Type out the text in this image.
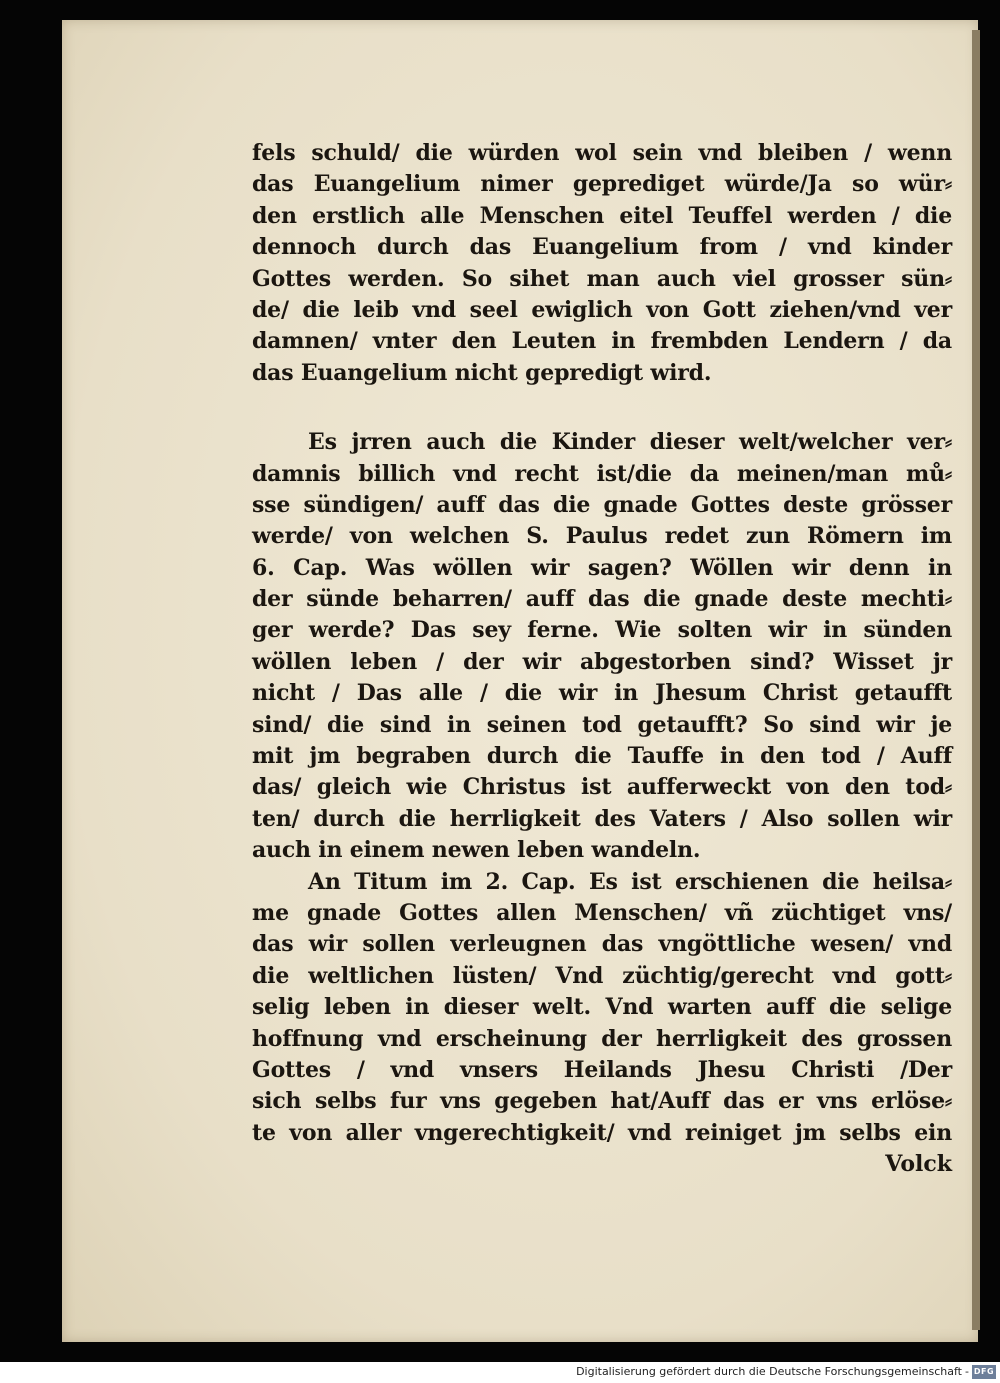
fels schuld/ die würden wol sein vnd bleiben / wenn
das Euangelium nimer geprediget würde/Ja so wür⸗
den erstlich alle Menschen eitel Teuffel werden / die
dennoch durch das Euangelium from / vnd kinder
Gottes werden. So sihet man auch viel grosser sün⸗
de/ die leib vnd seel ewiglich von Gott ziehen/vnd ver
damnen/ vnter den Leuten in frembden Lendern / da
das Euangelium nicht gepredigt wird.
Es jrren auch die Kinder dieser welt/welcher ver⸗
damnis billich vnd recht ist/die da meinen/man mů⸗
sse sündigen/ auff das die gnade Gottes deste grösser
werde/ von welchen S. Paulus redet zun Römern im
6. Cap. Was wöllen wir sagen? Wöllen wir denn in
der sünde beharren/ auff das die gnade deste mechti⸗
ger werde? Das sey ferne. Wie solten wir in sünden
wöllen leben / der wir abgestorben sind? Wisset jr
nicht / Das alle / die wir in Jhesum Christ getaufft
sind/ die sind in seinen tod getaufft? So sind wir je
mit jm begraben durch die Tauffe in den tod / Auff
das/ gleich wie Christus ist aufferweckt von den tod⸗
ten/ durch die herrligkeit des Vaters / Also sollen wir
auch in einem newen leben wandeln.
An Titum im 2. Cap. Es ist erschienen die heilsa⸗
me gnade Gottes allen Menschen/ vñ züchtiget vns/
das wir sollen verleugnen das vngöttliche wesen/ vnd
die weltlichen lüsten/ Vnd züchtig/gerecht vnd gott⸗
selig leben in dieser welt. Vnd warten auff die selige
hoffnung vnd erscheinung der herrligkeit des grossen
Gottes / vnd vnsers Heilands Jhesu Christi /Der
sich selbs fur vns gegeben hat/Auff das er vns erlöse⸗
te von aller vngerechtigkeit/ vnd reiniget jm selbs ein
Volck
Digitalisierung gefördert durch die Deutsche Forschungsgemeinschaft - DFG
